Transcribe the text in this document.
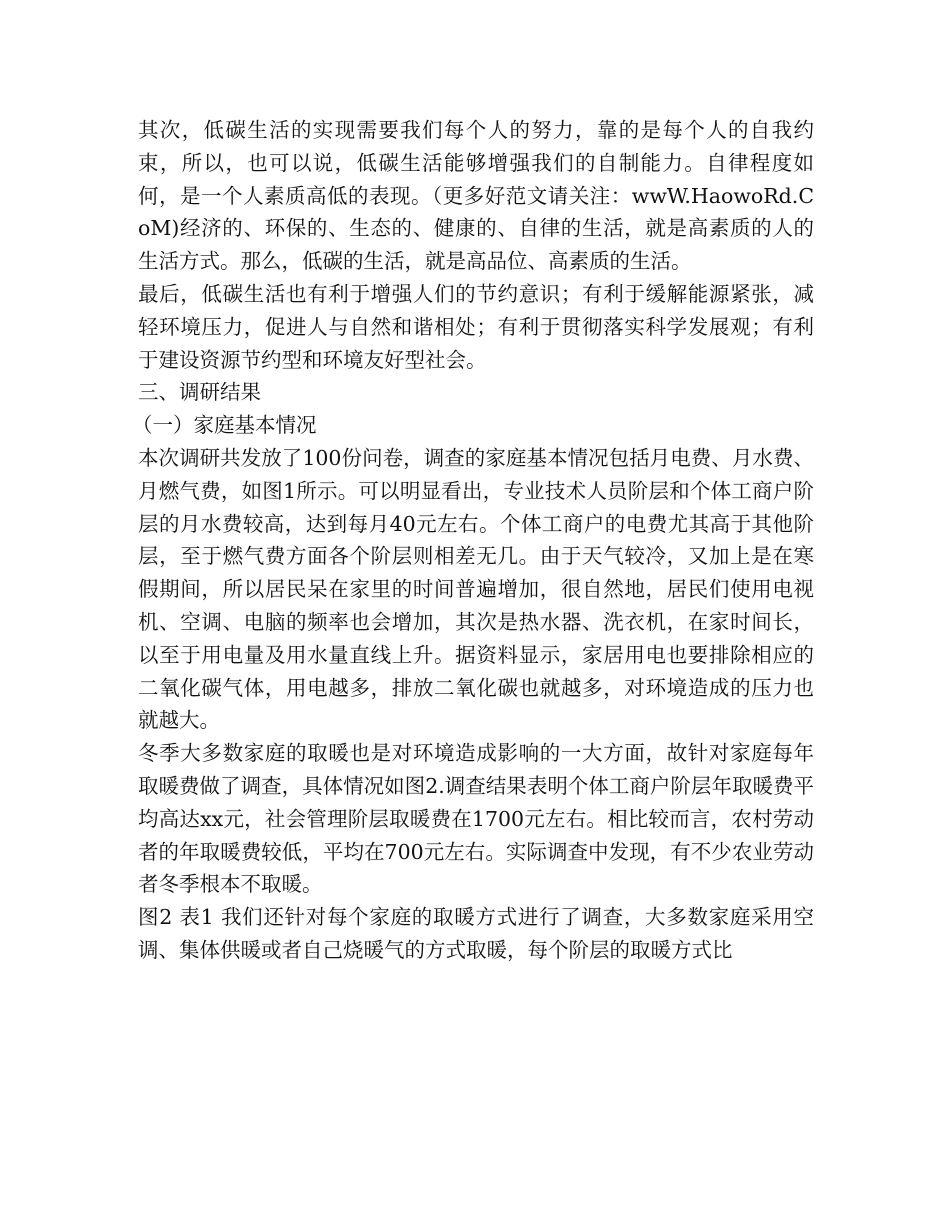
其次，低碳生活的实现需要我们每个人的努力，靠的是每个人的自我约束，所以，也可以说，低碳生活能够增强我们的自制能力。自律程度如何，是一个人素质高低的表现。（更多好范文请关注：wwW.HaowoRd.CoM)经济的、环保的、生态的、健康的、自律的生活，就是高素质的人的生活方式。那么，低碳的生活，就是高品位、高素质的生活。

最后，低碳生活也有利于增强人们的节约意识；有利于缓解能源紧张，减轻环境压力，促进人与自然和谐相处；有利于贯彻落实科学发展观；有利于建设资源节约型和环境友好型社会。

三、调研结果

（一）家庭基本情况

本次调研共发放了100份问卷，调查的家庭基本情况包括月电费、月水费、月燃气费，如图1所示。可以明显看出，专业技术人员阶层和个体工商户阶层的月水费较高，达到每月40元左右。个体工商户的电费尤其高于其他阶层，至于燃气费方面各个阶层则相差无几。由于天气较冷，又加上是在寒假期间，所以居民呆在家里的时间普遍增加，很自然地，居民们使用电视机、空调、电脑的频率也会增加，其次是热水器、洗衣机，在家时间长，以至于用电量及用水量直线上升。据资料显示，家居用电也要排除相应的二氧化碳气体，用电越多，排放二氧化碳也就越多，对环境造成的压力也就越大。

冬季大多数家庭的取暖也是对环境造成影响的一大方面，故针对家庭每年取暖费做了调查，具体情况如图2.调查结果表明个体工商户阶层年取暖费平均高达xx元，社会管理阶层取暖费在1700元左右。相比较而言，农村劳动者的年取暖费较低，平均在700元左右。实际调查中发现，有不少农业劳动者冬季根本不取暖。

图2 表1 我们还针对每个家庭的取暖方式进行了调查，大多数家庭采用空调、集体供暖或者自己烧暖气的方式取暖，每个阶层的取暖方式比
